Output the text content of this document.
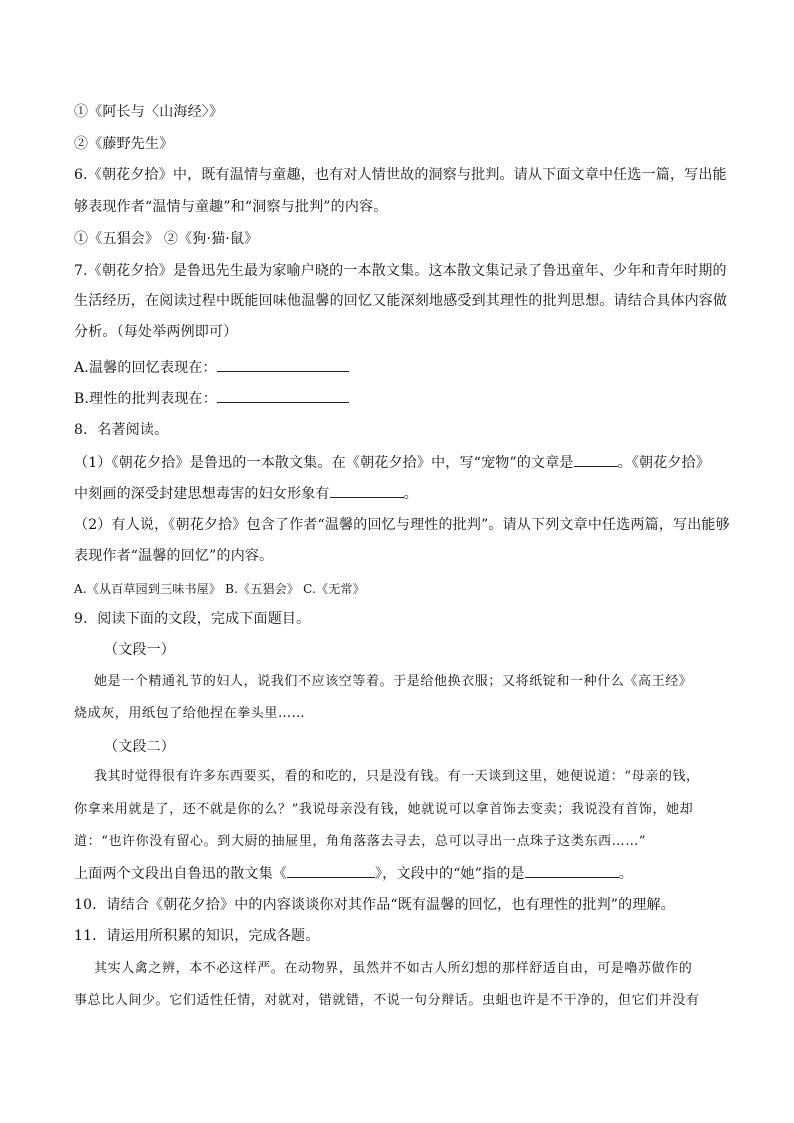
①《阿长与〈山海经〉》
②《藤野先生》
6.《朝花夕拾》中，既有温情与童趣，也有对人情世故的洞察与批判。请从下面文章中任选一篇，写出能
够表现作者“温情与童趣”和“洞察与批判”的内容。
①《五猖会》 ②《狗·猫·鼠》
7.《朝花夕拾》是鲁迅先生最为家喻户晓的一本散文集。这本散文集记录了鲁迅童年、少年和青年时期的
生活经历，在阅读过程中既能回味他温馨的回忆又能深刻地感受到其理性的批判思想。请结合具体内容做
分析。（每处举两例即可）
A.温馨的回忆表现在：
B.理性的批判表现在：
8．名著阅读。
（1）《朝花夕拾》是鲁迅的一本散文集。在《朝花夕拾》中，写“宠物”的文章是	。《朝花夕拾》
中刻画的深受封建思想毒害的妇女形象有	。
（2）有人说，《朝花夕拾》包含了作者“温馨的回忆与理性的批判”。请从下列文章中任选两篇，写出能够
表现作者“温馨的回忆”的内容。
A.《从百草园到三味书屋》 B.《五猖会》 C.《无常》
9．阅读下面的文段，完成下面题目。
（文段一）
她是一个精通礼节的妇人，说我们不应该空等着。于是给他换衣服；又将纸锭和一种什么《高王经》
烧成灰，用纸包了给他捏在拳头里……
（文段二）
我其时觉得很有许多东西要买，看的和吃的，只是没有钱。有一天谈到这里，她便说道：“母亲的钱，
你拿来用就是了，还不就是你的么？”我说母亲没有钱，她就说可以拿首饰去变卖；我说没有首饰，她却
道：“也许你没有留心。到大厨的抽屉里，角角落落去寻去，总可以寻出一点珠子这类东西……”
上面两个文段出自鲁迅的散文集《	》，文段中的“她”指的是	。
10．请结合《朝花夕拾》中的内容谈谈你对其作品“既有温馨的回忆，也有理性的批判”的理解。
11．请运用所积累的知识，完成各题。
其实人禽之辨，本不必这样严。在动物界，虽然并不如古人所幻想的那样舒适自由，可是嚕苏做作的
事总比人间少。它们适性任情，对就对，错就错，不说一句分辩话。虫蛆也许是不干净的，但它们并没有
